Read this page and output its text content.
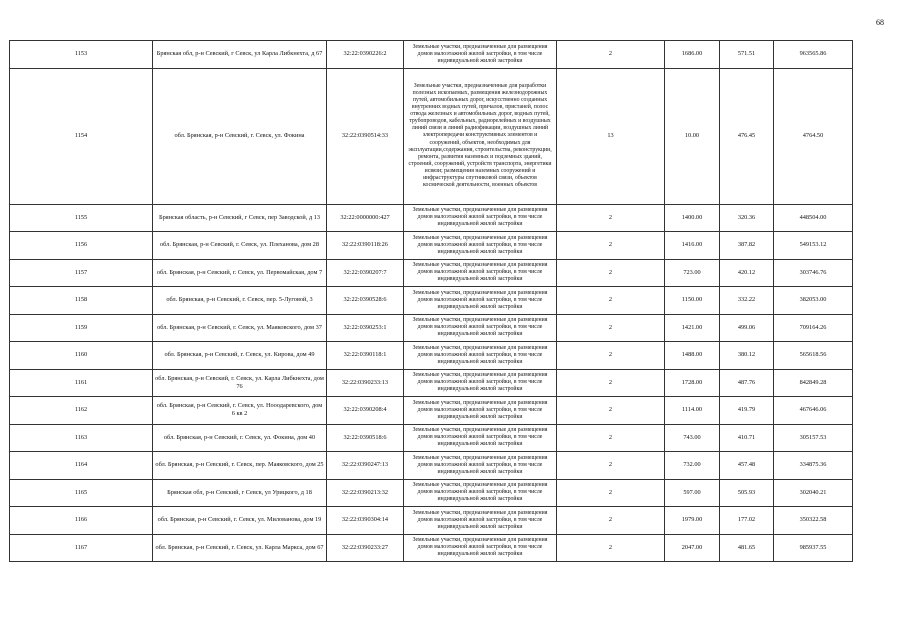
68
1153	Брянская обл, р-н Севский, г Севск, ул Карла Либкнехта, д 67	32:22:0390226:2	Земельные участки, предназначенные для размещения домов малоэтажной жилой застройки, в том числе индивидуальной жилой застройки	2	1686.00	571.51	963565.86
1154	обл. Брянская, р-н Севский, г. Севск, ул. Фокина	32:22:0390514:33	Земельные участки, предназначенные для разработки полезных ископаемых, размещения железнодорожных путей, автомобильных дорог, искусственно созданных внутренних водных путей, причалов, пристаней, полос отвода железных и автомобильных дорог, водных путей, трубопроводов, кабельных, радиорелейных и воздушных линий связи и линий радиофикации, воздушных линий электропередачи конструктивных элементов и сооружений, объектов, необходимых для эксплуатации,содержания, строительства, реконструкции, ремонта, развития наземных и подземных зданий, строений, сооружений, устройств транспорта, энергетики исвязи; размещения наземных сооружений и инфраструктуры спутниковой связи, объектов космической деятельности, военных объектов	13	10.00	476.45	4764.50
1155	Брянская область, р-н Севский, г Севск, пер Заводской, д 13	32:22:0000000:427	Земельные участки, предназначенные для размещения домов малоэтажной жилой застройки, в том числе индивидуальной жилой застройки	2	1400.00	320.36	448504.00
1156	обл. Брянская, р-н Севский, г. Севск, ул. Плеханова, дом 28	32:22:0390118:26	Земельные участки, предназначенные для размещения домов малоэтажной жилой застройки, в том числе индивидуальной жилой застройки	2	1416.00	387.82	549153.12
1157	обл. Брянская, р-н Севский, г. Севск, ул. Первомайская, дом 7	32:22:0390207:7	Земельные участки, предназначенные для размещения домов малоэтажной жилой застройки, в том числе индивидуальной жилой застройки	2	723.00	420.12	303746.76
1158	обл. Брянская, р-н Севский, г. Севск, пер. 5-Луговой, 3	32:22:0390528:6	Земельные участки, предназначенные для размещения домов малоэтажной жилой застройки, в том числе индивидуальной жилой застройки	2	1150.00	332.22	382053.00
1159	обл. Брянская, р-н Севский, г. Севск, ул. Маяковского, дом 37	32:22:0390253:1	Земельные участки, предназначенные для размещения домов малоэтажной жилой застройки, в том числе индивидуальной жилой застройки	2	1421.00	499.06	709164.26
1160	обл. Брянская, р-н Севский, г. Севск, ул. Кирова, дом 49	32:22:0390118:1	Земельные участки, предназначенные для размещения домов малоэтажной жилой застройки, в том числе индивидуальной жилой застройки	2	1488.00	380.12	565618.56
1161	обл. Брянская, р-н Севский, г. Севск, ул. Карла Либкнехта, дом 76	32:22:0390233:13	Земельные участки, предназначенные для размещения домов малоэтажной жилой застройки, в том числе индивидуальной жилой застройки	2	1728.00	487.76	842849.28
1162	обл. Брянская, р-н Севский, г. Севск, ул. Нооодаревского, дом 6 кв 2	32:22:0390208:4	Земельные участки, предназначенные для размещения домов малоэтажной жилой застройки, в том числе индивидуальной жилой застройки	2	1114.00	419.79	467646.06
1163	обл. Брянская, р-н Севский, г. Севск, ул. Фокина, дом 40	32:22:0390518:6	Земельные участки, предназначенные для размещения домов малоэтажной жилой застройки, в том числе индивидуальной жилой застройки	2	743.00	410.71	305157.53
1164	обл. Брянская, р-н Севский, г. Севск, пер. Маяковского, дом 25	32:22:0390247:13	Земельные участки, предназначенные для размещения домов малоэтажной жилой застройки, в том числе индивидуальной жилой застройки	2	732.00	457.48	334875.36
1165	Брянская обл, р-н Севский, г Севск, ул Урицкого, д 18	32:22:0390213:32	Земельные участки, предназначенные для размещения домов малоэтажной жилой застройки, в том числе индивидуальной жилой застройки	2	597.00	505.93	302040.21
1166	обл. Брянская, р-н Севский, г. Севск, ул. Милованова, дом 19	32:22:0390304:14	Земельные участки, предназначенные для размещения домов малоэтажной жилой застройки, в том числе индивидуальной жилой застройки	2	1979.00	177.02	350322.58
1167	обл. Брянская, р-н Севский, г. Севск, ул. Карла Маркса, дом 67	32:22:0390233:27	Земельные участки, предназначенные для размещения домов малоэтажной жилой застройки, в том числе индивидуальной жилой застройки	2	2047.00	481.65	985937.55
